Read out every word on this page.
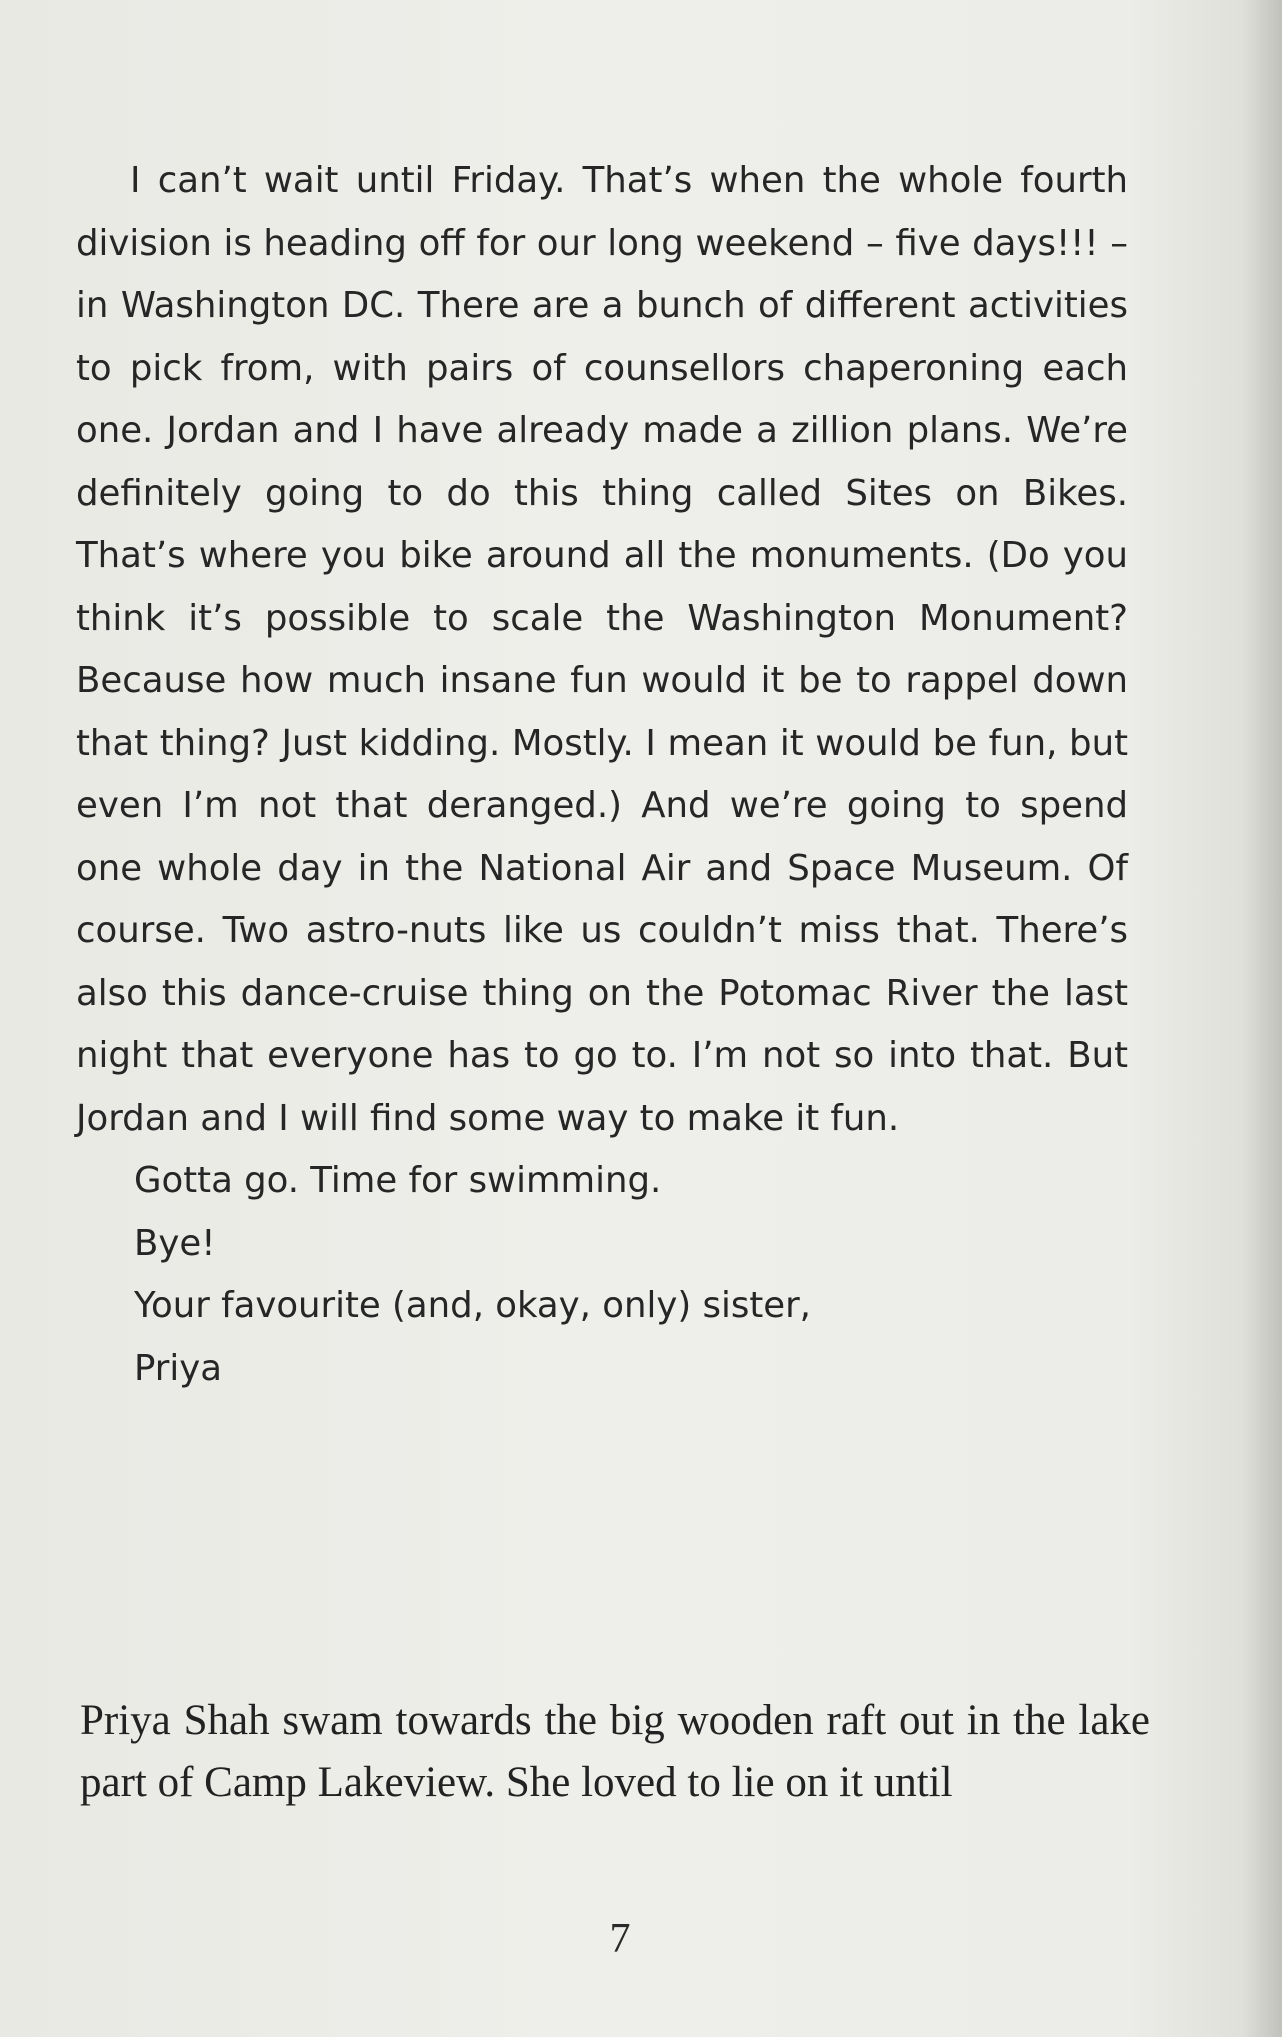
I can’t wait until Friday. That’s when the whole fourth division is heading off for our long weekend – five days!!! – in Washington DC. There are a bunch of different activities to pick from, with pairs of counsellors chaperoning each one. Jordan and I have already made a zillion plans. We’re definitely going to do this thing called Sites on Bikes. That’s where you bike around all the monuments. (Do you think it’s possible to scale the Washington Monument? Because how much insane fun would it be to rappel down that thing? Just kidding. Mostly. I mean it would be fun, but even I’m not that deranged.) And we’re going to spend one whole day in the National Air and Space Museum. Of course. Two astro-nuts like us couldn’t miss that. There’s also this dance-cruise thing on the Potomac River the last night that everyone has to go to. I’m not so into that. But Jordan and I will find some way to make it fun.

Gotta go. Time for swimming.

Bye!

Your favourite (and, okay, only) sister,

Priya

Priya Shah swam towards the big wooden raft out in the lake part of Camp Lakeview. She loved to lie on it until

7
